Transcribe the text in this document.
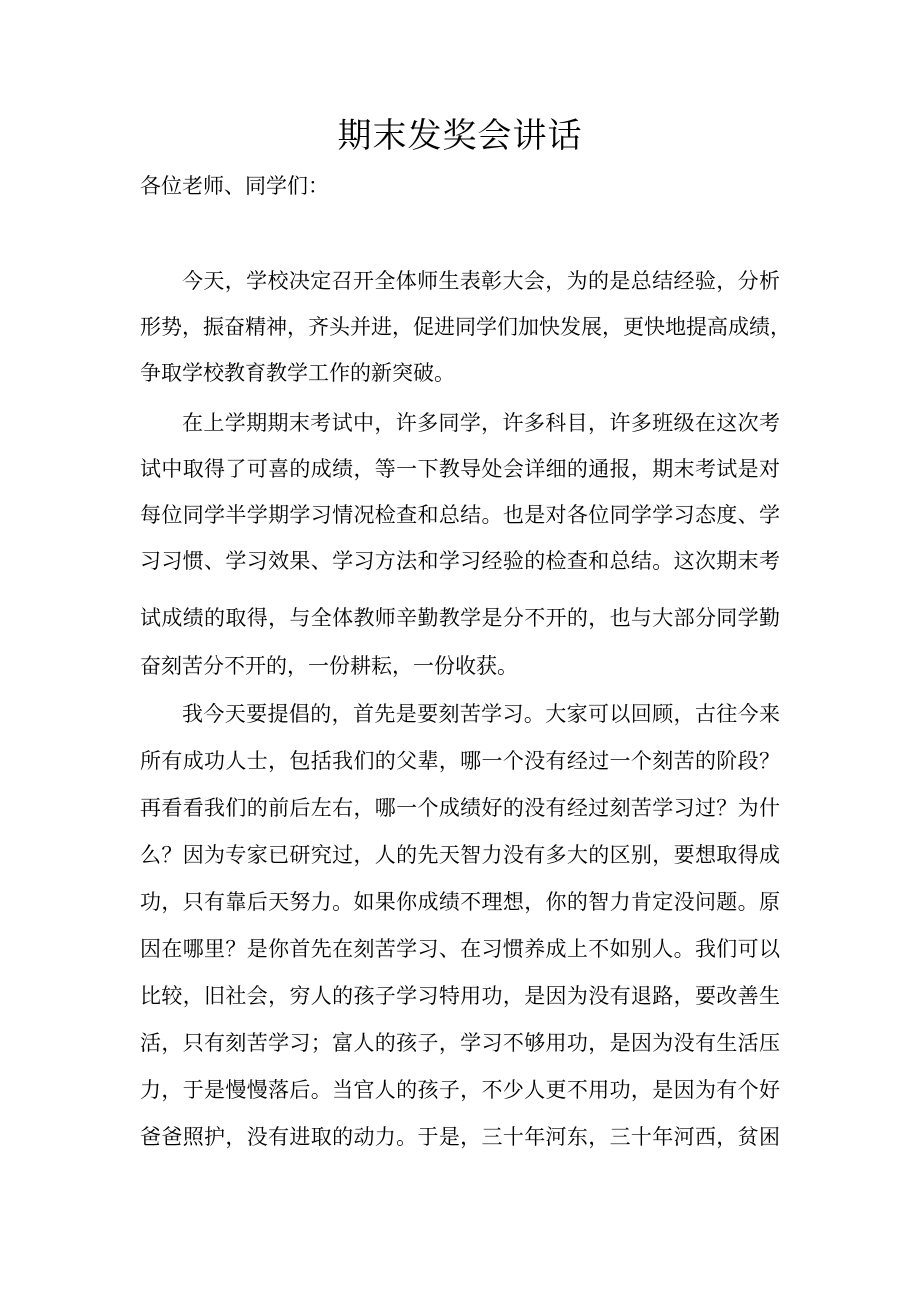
期末发奖会讲话
各位老师、同学们：
今天，学校决定召开全体师生表彰大会，为的是总结经验，分析
形势，振奋精神，齐头并进，促进同学们加快发展，更快地提高成绩，
争取学校教育教学工作的新突破。
在上学期期末考试中，许多同学，许多科目，许多班级在这次考
试中取得了可喜的成绩，等一下教导处会详细的通报，期末考试是对
每位同学半学期学习情况检查和总结。也是对各位同学学习态度、学
习习惯、学习效果、学习方法和学习经验的检查和总结。这次期末考
试成绩的取得，与全体教师辛勤教学是分不开的，也与大部分同学勤
奋刻苦分不开的，一份耕耘，一份收获。
我今天要提倡的，首先是要刻苦学习。大家可以回顾，古往今来
所有成功人士，包括我们的父辈，哪一个没有经过一个刻苦的阶段？
再看看我们的前后左右，哪一个成绩好的没有经过刻苦学习过？为什
么？因为专家已研究过，人的先天智力没有多大的区别，要想取得成
功，只有靠后天努力。如果你成绩不理想，你的智力肯定没问题。原
因在哪里？是你首先在刻苦学习、在习惯养成上不如别人。我们可以
比较，旧社会，穷人的孩子学习特用功，是因为没有退路，要改善生
活，只有刻苦学习；富人的孩子，学习不够用功，是因为没有生活压
力，于是慢慢落后。当官人的孩子，不少人更不用功，是因为有个好
爸爸照护，没有进取的动力。于是，三十年河东，三十年河西，贫困
